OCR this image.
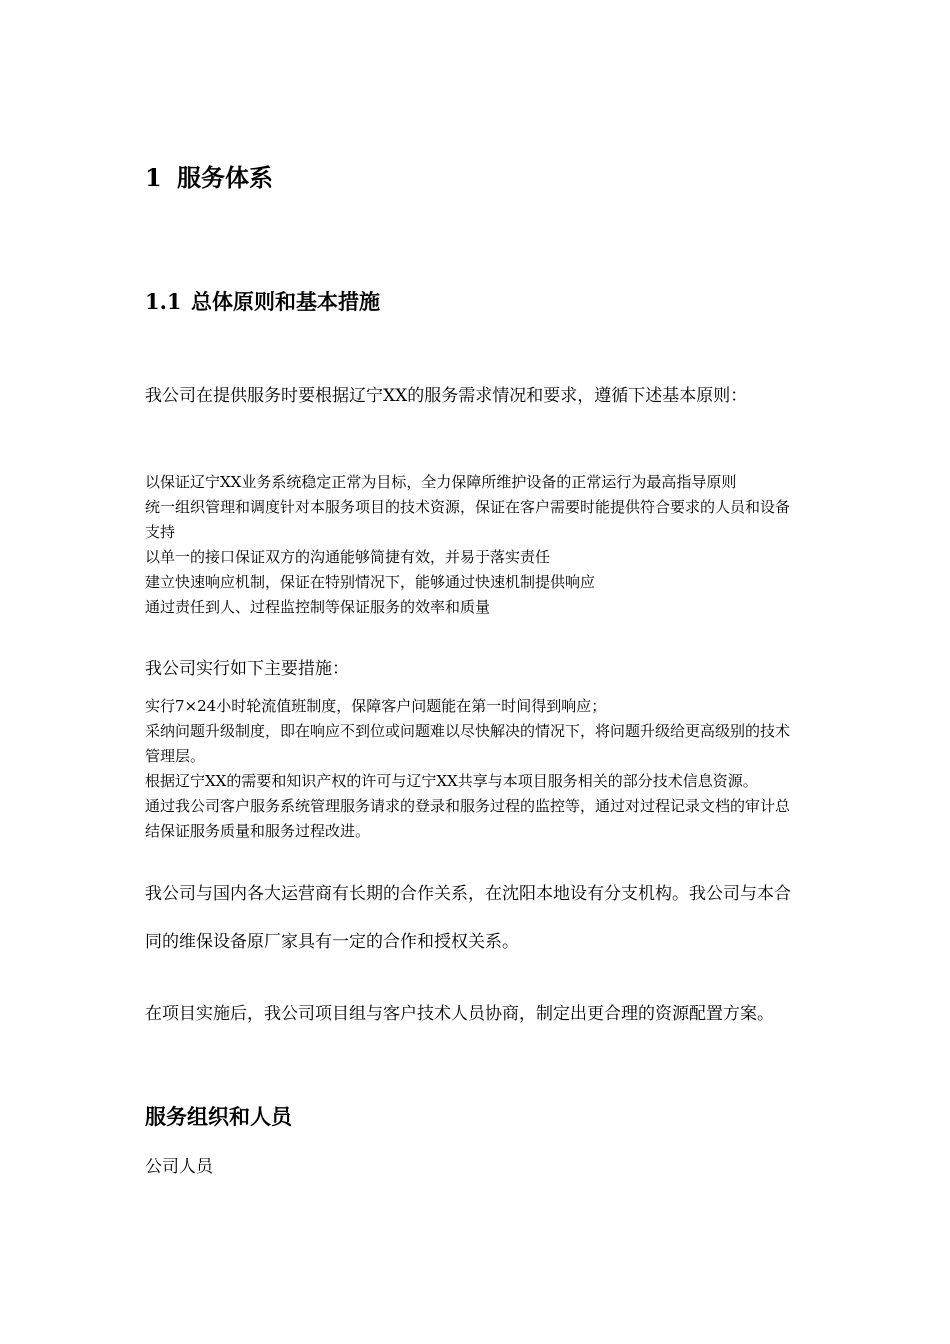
1 服务体系
1.1 总体原则和基本措施

我公司在提供服务时要根据辽宁XX的服务需求情况和要求，遵循下述基本原则：

以保证辽宁XX业务系统稳定正常为目标，全力保障所维护设备的正常运行为最高指导原则

统一组织管理和调度针对本服务项目的技术资源，保证在客户需要时能提供符合要求的人员和设备支持

以单一的接口保证双方的沟通能够简捷有效，并易于落实责任

建立快速响应机制，保证在特别情况下，能够通过快速机制提供响应

通过责任到人、过程监控制等保证服务的效率和质量

我公司实行如下主要措施：

实行7×24小时轮流值班制度，保障客户问题能在第一时间得到响应；

采纳问题升级制度，即在响应不到位或问题难以尽快解决的情况下，将问题升级给更高级别的技术管理层。

根据辽宁XX的需要和知识产权的许可与辽宁XX共享与本项目服务相关的部分技术信息资源。

通过我公司客户服务系统管理服务请求的登录和服务过程的监控等，通过对过程记录文档的审计总结保证服务质量和服务过程改进。

我公司与国内各大运营商有长期的合作关系，在沈阳本地设有分支机构。我公司与本合同的维保设备原厂家具有一定的合作和授权关系。

在项目实施后，我公司项目组与客户技术人员协商，制定出更合理的资源配置方案。

服务组织和人员

公司人员
